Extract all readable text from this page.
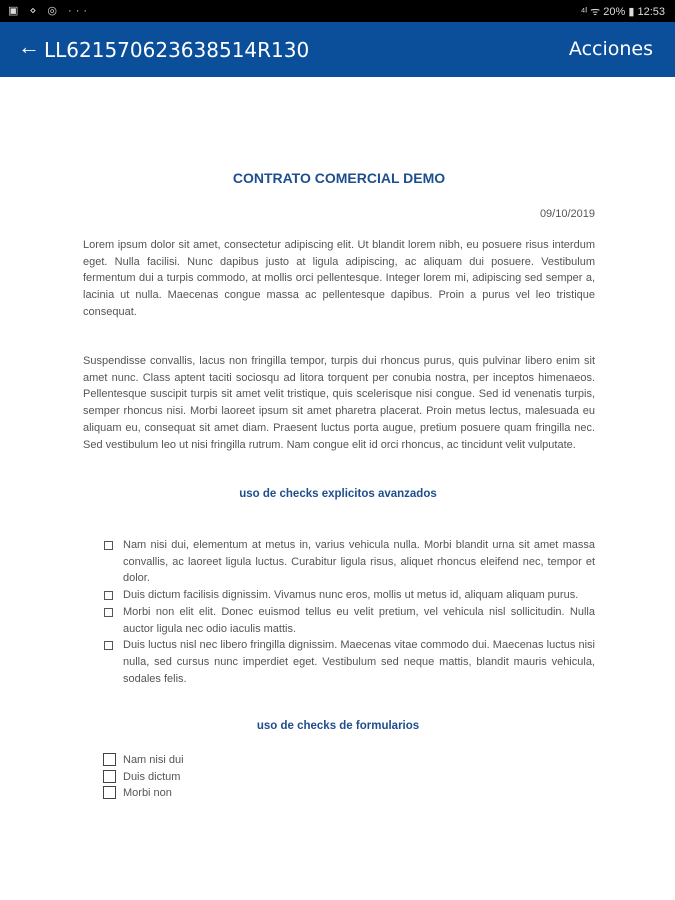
▣ ⋄ ◎ ···	⁴ᴵ ᯤ 20% ▮ 12:53
← LL621570623638514R130	Acciones
CONTRATO COMERCIAL DEMO
09/10/2019
Lorem ipsum dolor sit amet, consectetur adipiscing elit. Ut blandit lorem nibh, eu posuere risus interdum eget. Nulla facilisi. Nunc dapibus justo at ligula adipiscing, ac aliquam dui posuere. Vestibulum fermentum dui a turpis commodo, at mollis orci pellentesque. Integer lorem mi, adipiscing sed semper a, lacinia ut nulla. Maecenas congue massa ac pellentesque dapibus. Proin a purus vel leo tristique consequat.
Suspendisse convallis, lacus non fringilla tempor, turpis dui rhoncus purus, quis pulvinar libero enim sit amet nunc. Class aptent taciti sociosqu ad litora torquent per conubia nostra, per inceptos himenaeos. Pellentesque suscipit turpis sit amet velit tristique, quis scelerisque nisi congue. Sed id venenatis turpis, semper rhoncus nisi. Morbi laoreet ipsum sit amet pharetra placerat. Proin metus lectus, malesuada eu aliquam eu, consequat sit amet diam. Praesent luctus porta augue, pretium posuere quam fringilla nec. Sed vestibulum leo ut nisi fringilla rutrum. Nam congue elit id orci rhoncus, ac tincidunt velit vulputate.
uso de checks explicitos avanzados
Nam nisi dui, elementum at metus in, varius vehicula nulla. Morbi blandit urna sit amet massa convallis, ac laoreet ligula luctus. Curabitur ligula risus, aliquet rhoncus eleifend nec, tempor et dolor.
Duis dictum facilisis dignissim. Vivamus nunc eros, mollis ut metus id, aliquam aliquam purus.
Morbi non elit elit. Donec euismod tellus eu velit pretium, vel vehicula nisl sollicitudin. Nulla auctor ligula nec odio iaculis mattis.
Duis luctus nisl nec libero fringilla dignissim. Maecenas vitae commodo dui. Maecenas luctus nisi nulla, sed cursus nunc imperdiet eget. Vestibulum sed neque mattis, blandit mauris vehicula, sodales felis.
uso de checks de formularios
Nam nisi dui
Duis dictum
Morbi non
